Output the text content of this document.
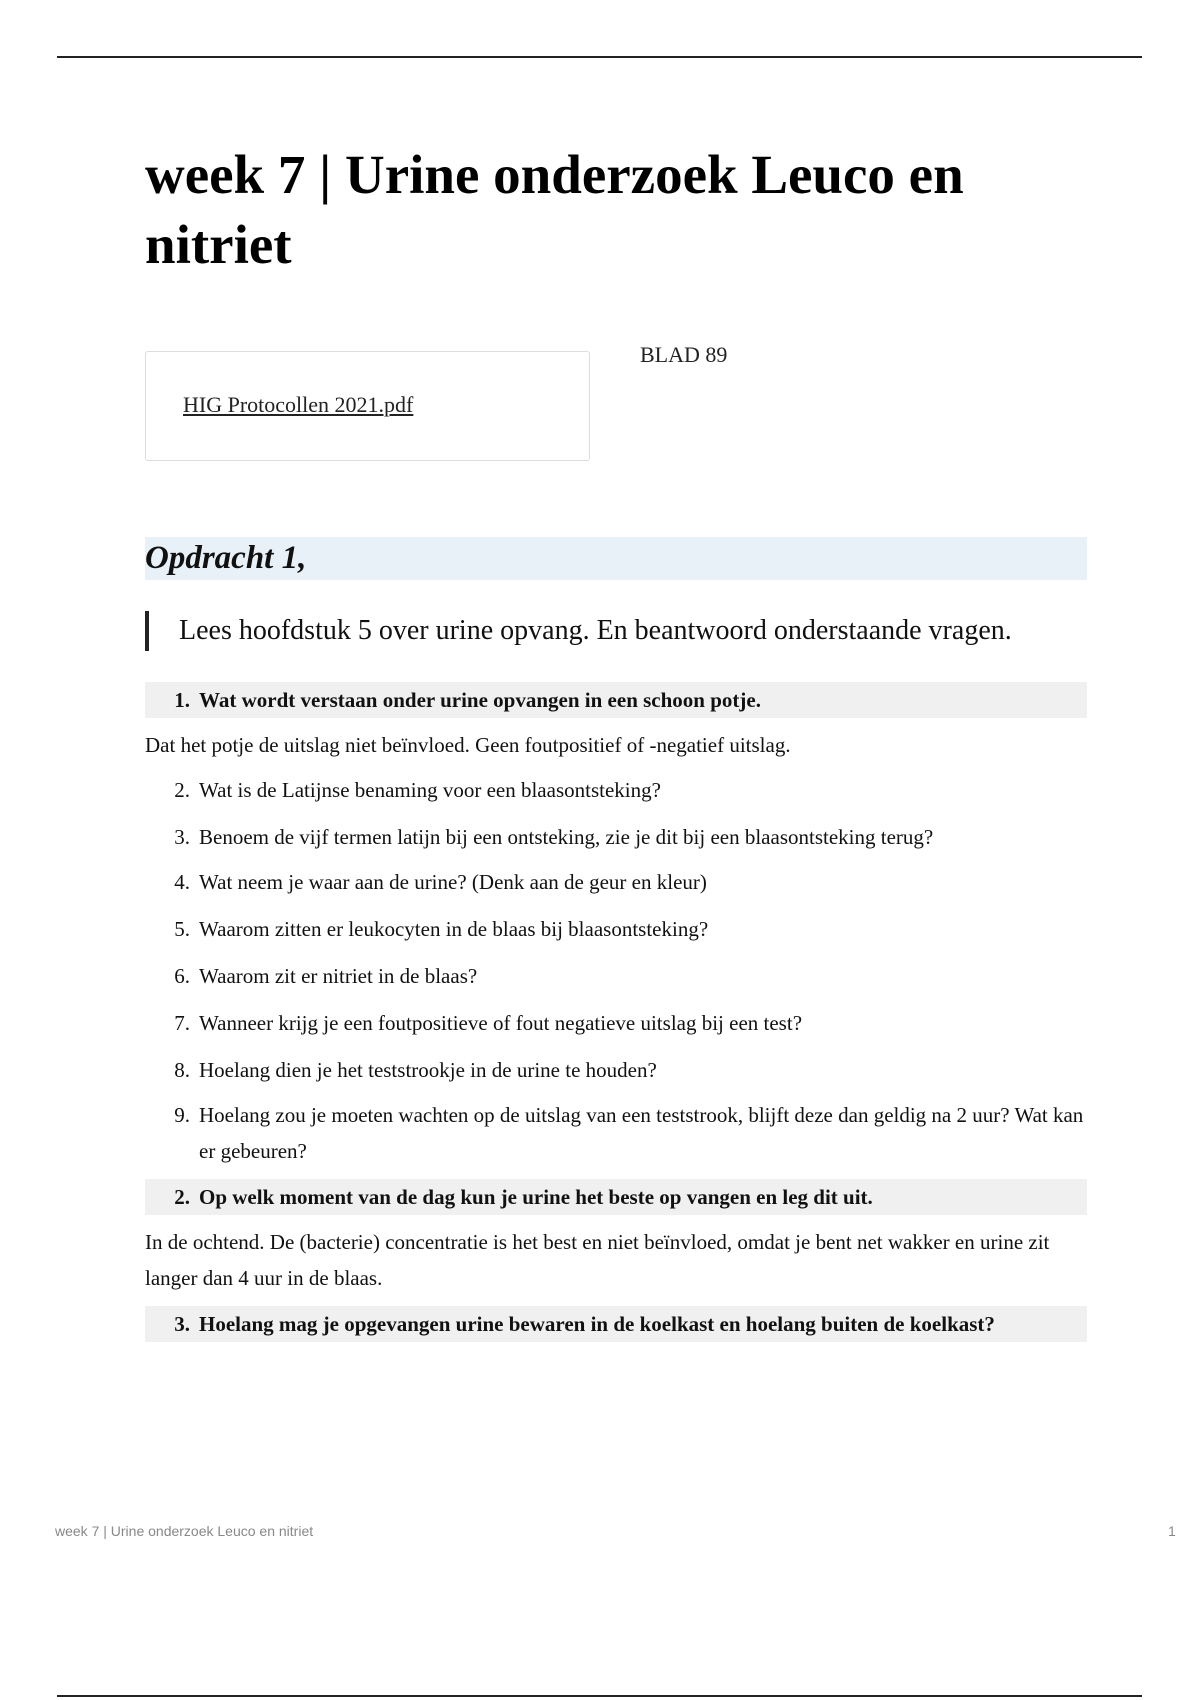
week 7 | Urine onderzoek Leuco en nitriet
HIG Protocollen 2021.pdf
BLAD 89
Opdracht 1,
Lees hoofdstuk 5 over urine opvang. En beantwoord onderstaande vragen.
1. Wat wordt verstaan onder urine opvangen in een schoon potje.
Dat het potje de uitslag niet beïnvloed. Geen foutpositief of -negatief uitslag.
2. Wat is de Latijnse benaming voor een blaasontsteking?
3. Benoem de vijf termen latijn bij een ontsteking, zie je dit bij een blaasontsteking terug?
4. Wat neem je waar aan de urine? (Denk aan de geur en kleur)
5. Waarom zitten er leukocyten in de blaas bij blaasontsteking?
6. Waarom zit er nitriet in de blaas?
7. Wanneer krijg je een foutpositieve of fout negatieve uitslag bij een test?
8. Hoelang dien je het teststrookje in de urine te houden?
9. Hoelang zou je moeten wachten op de uitslag van een teststrook, blijft deze dan geldig na 2 uur? Wat kan er gebeuren?
2. Op welk moment van de dag kun je urine het beste op vangen en leg dit uit.
In de ochtend. De (bacterie) concentratie is het best en niet beïnvloed, omdat je bent net wakker en urine zit langer dan 4 uur in de blaas.
3. Hoelang mag je opgevangen urine bewaren in de koelkast en hoelang buiten de koelkast?
week 7 | Urine onderzoek Leuco en nitriet	1
